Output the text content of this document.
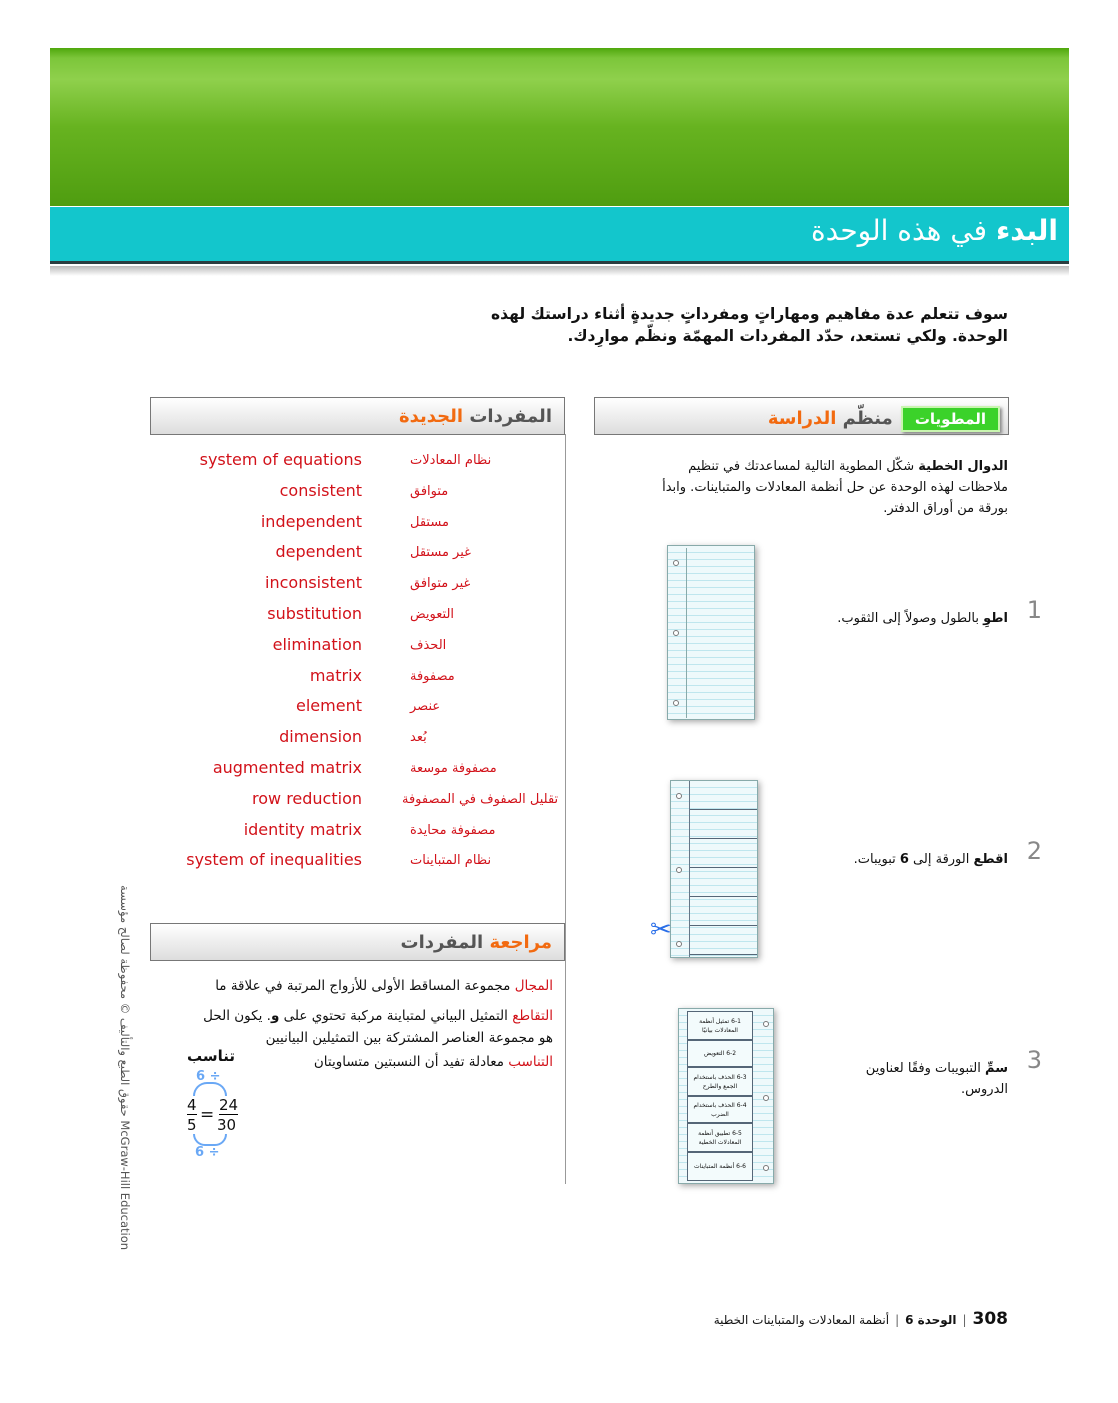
البدء في هذه الوحدة
سوف تتعلم عدة مفاهيم ومهاراتٍ ومفرداتٍ جديدةٍ أثناء دراستك لهذه الوحدة. ولكي تستعد، حدّد المفردات المهمّة ونظّم موارِدك.
المفردات الجديدة
system of equations	نظام المعادلات
consistent	متوافق
independent	مستقل
dependent	غير مستقل
inconsistent	غير متوافق
substitution	التعويض
elimination	الحذف
matrix	مصفوفة
element	عنصر
dimension	بُعد
augmented matrix	مصفوفة موسعة
row reduction	تقليل الصفوف في المصفوفة
identity matrix	مصفوفة محايدة
system of inequalities	نظام المتباينات
المطوياتمنظّم الدراسة
الدوال الخطية شكّل المطوية التالية لمساعدتك في تنظيم ملاحظات لهذه الوحدة عن حل أنظمة المعادلات والمتباينات. وابدأ بورقة من أوراق الدفتر.
1
اطوِ بالطول وصولاً إلى الثقوب.
2
اقطع الورقة إلى 6 تبويبات.
3
سمِّ التبويبات وفقًا لعناوين الدروس.
✂
6-1 تمثيل أنظمة المعادلات بيانيًا
6-2 التعويض
6-3 الحذف باستخدام الجمع والطرح
6-4 الحذف باستخدام الضرب
6-5 تطبيق أنظمة المعادلات الخطية
6-6 أنظمة المتباينات
مراجعة المفردات
المجال مجموعة المساقط الأولى للأزواج المرتبة في علاقة ما
التقاطع التمثيل البياني لمتباينة مركبة تحتوي على و. يكون الحل
هو مجموعة العناصر المشتركة بين التمثيلين البيانيين
التناسب معادلة تفيد أن النسبتين متساويتان
تناسب
6 ÷
4
5 = 24
30
6 ÷
حقوق الطبع والتأليف © محفوظة لصالح مؤسسة McGraw-Hill Education
308|الوحدة 6|أنظمة المعادلات والمتباينات الخطية
